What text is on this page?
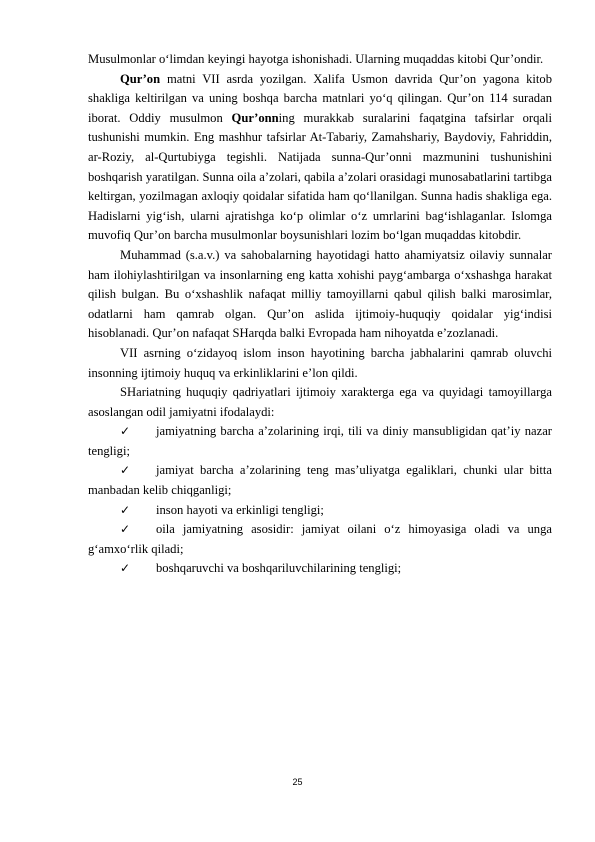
Musulmonlar o‘limdan keyingi hayotga ishonishadi. Ularning muqaddas kitobi Qur’ondir.

Qur’on matni VII asrda yozilgan. Xalifa Usmon davrida Qur’on yagona kitob shakliga keltirilgan va uning boshqa barcha matnlari yo‘q qilingan. Qur’on 114 suradan iborat. Oddiy musulmon Qur’onning murakkab suralarini faqatgina tafsirlar orqali tushunishi mumkin. Eng mashhur tafsirlar At-Tabariy, Zamahshariy, Baydoviy, Fahriddin, ar-Roziy, al-Qurtubiyga tegishli. Natijada sunna-Qur’onni mazmunini tushunishini boshqarish yaratilgan. Sunna oila a’zolari, qabila a’zolari orasidagi munosabatlarini tartibga keltirgan, yozilmagan axloqiy qoidalar sifatida ham qo‘llanilgan. Sunna hadis shakliga ega. Hadislarni yig‘ish, ularni ajratishga ko‘p olimlar o‘z umrlarini bag‘ishlaganlar. Islomga muvofiq Qur’on barcha musulmonlar boysunishlari lozim bo‘lgan muqaddas kitobdir.

Muhammad (s.a.v.) va sahobalarning hayotidagi hatto ahamiyatsiz oilaviy sunnalar ham ilohiylashtirilgan va insonlarning eng katta xohishi payg‘ambarga o‘xshashga harakat qilish bulgan. Bu o‘xshashlik nafaqat milliy tamoyillarni qabul qilish balki marosimlar, odatlarni ham qamrab olgan. Qur’on aslida ijtimoiy-huquqiy qoidalar yig‘indisi hisoblanadi. Qur’on nafaqat SHarqda balki Evropada ham nihoyatda e’zozlanadi.

VII asrning o‘zidayoq islom inson hayotining barcha jabhalarini qamrab oluvchi insonning ijtimoiy huquq va erkinliklarini e’lon qildi.

SHariatning huquqiy qadriyatlari ijtimoiy xarakterga ega va quyidagi tamoyillarga asoslangan odil jamiyatni ifodalaydi:

✓ jamiyatning barcha a’zolarining irqi, tili va diniy mansubligidan qat’iy nazar tengligi;

✓ jamiyat barcha a’zolarining teng mas’uliyatga egaliklari, chunki ular bitta manbadan kelib chiqganligi;

✓ inson hayoti va erkinligi tengligi;

✓ oila jamiyatning asosidir: jamiyat oilani o‘z himoyasiga oladi va unga g‘amxo‘rlik qiladi;

✓ boshqaruvchi va boshqariluvchilarining tengligi;

25
